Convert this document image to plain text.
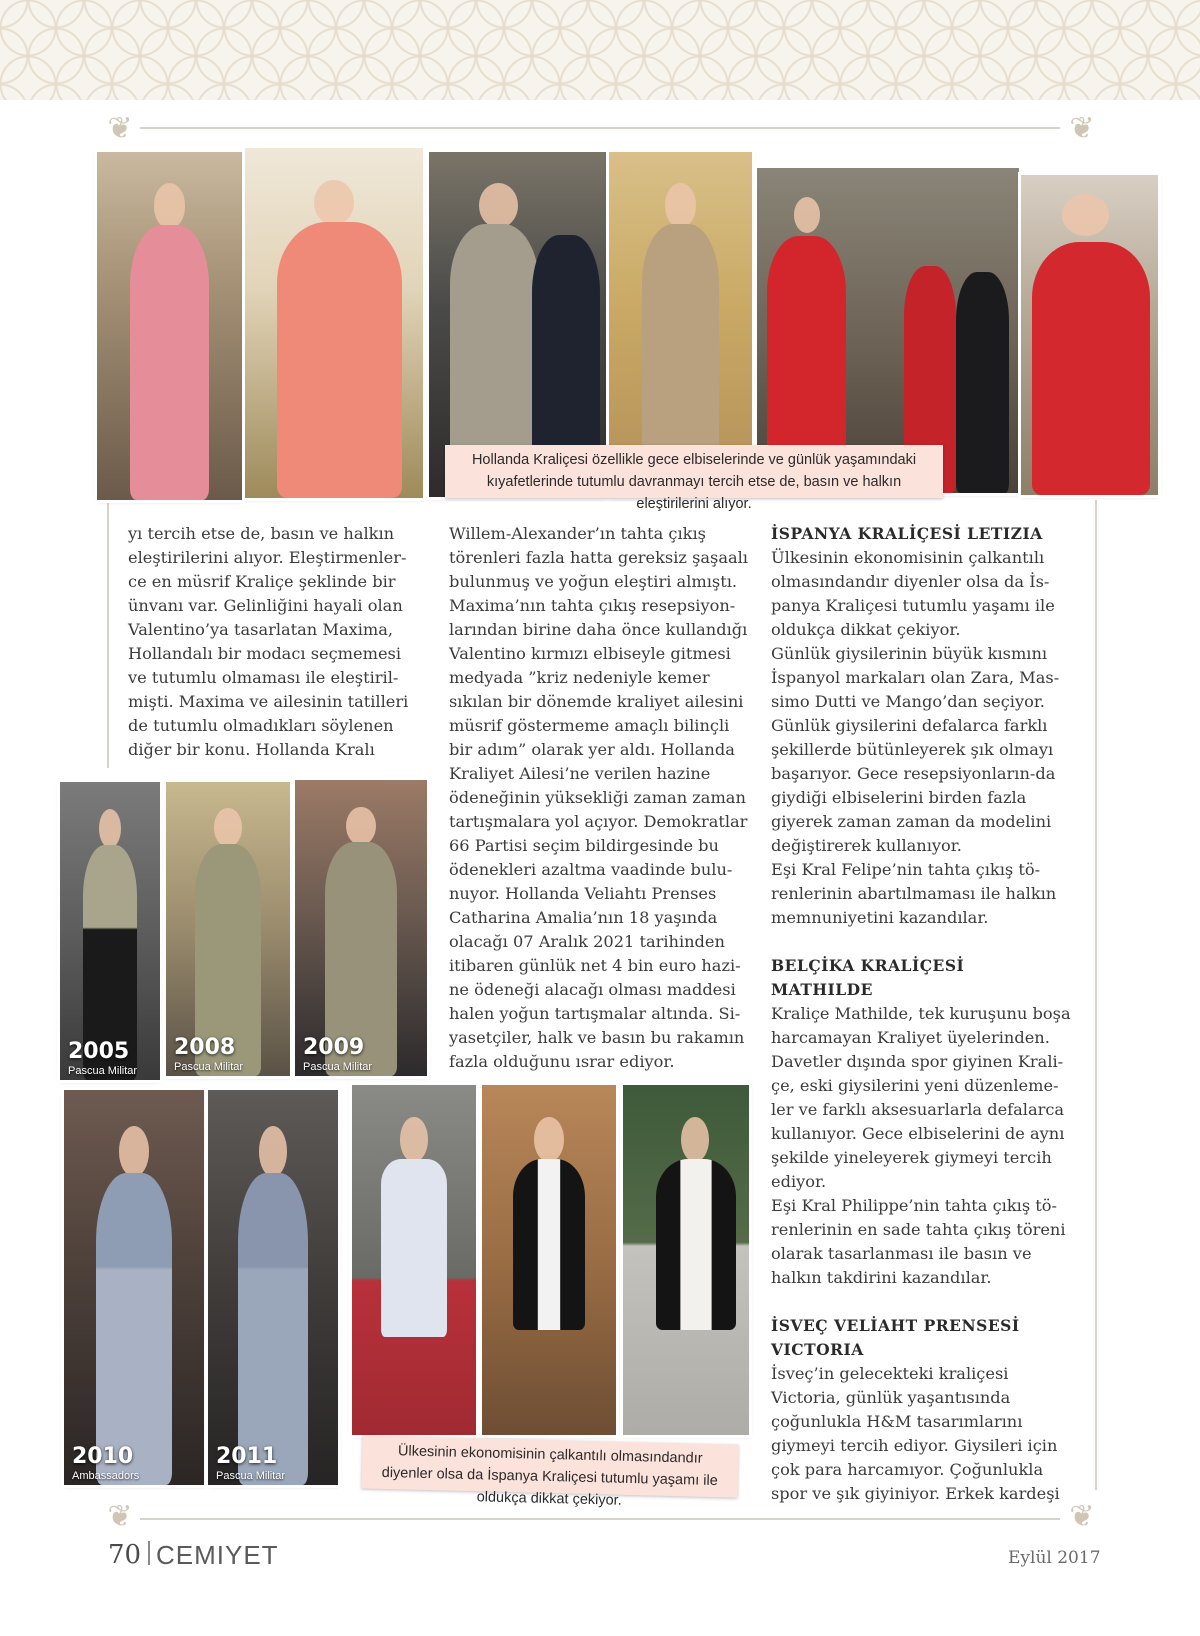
❦	❦
❦	❦
Hollanda Kraliçesi özellikle gece elbiselerinde ve günlük yaşamındaki kıyafetlerinde tutumlu davranmayı tercih etse de, basın ve halkın eleştirilerini alıyor.
2005
Pascua Militar
2008
Pascua Militar
2009
Pascua Militar
2010
Ambassadors
2011
Pascua Militar
Ülkesinin ekonomisinin çalkantılı olmasındandır diyenler olsa da İspanya Kraliçesi tutumlu yaşamı ile oldukça dikkat çekiyor.

yı tercih etse de, basın ve halkın eleştirilerini alıyor. Eleştirmenler-ce en müsrif Kraliçe şeklinde bir ünvanı var. Gelinliğini hayali olan Valentino’ya tasarlatan Maxima, Hollandalı bir modacı seçmemesi ve tutumlu olmaması ile eleştiril-mişti. Maxima ve ailesinin tatilleri de tutumlu olmadıkları söylenen diğer bir konu. Hollanda Kralı

Willem-Alexander’ın tahta çıkış törenleri fazla hatta gereksiz şaşaalı bulunmuş ve yoğun eleştiri almıştı. Maxima’nın tahta çıkış resepsiyon-larından birine daha önce kullandığı Valentino kırmızı elbiseyle gitmesi medyada ”kriz nedeniyle kemer sıkılan bir dönemde kraliyet ailesini müsrif göstermeme amaçlı bilinçli bir adım” olarak yer aldı. Hollanda Kraliyet Ailesi’ne verilen hazine ödeneğinin yüksekliği zaman zaman tartışmalara yol açıyor. Demokratlar 66 Partisi seçim bildirgesinde bu ödenekleri azaltma vaadinde bulu-nuyor. Hollanda Veliahtı Prenses Catharina Amalia’nın 18 yaşında olacağı 07 Aralık 2021 tarihinden itibaren günlük net 4 bin euro hazi-ne ödeneği alacağı olması maddesi halen yoğun tartışmalar altında. Si-yasetçiler, halk ve basın bu rakamın fazla olduğunu ısrar ediyor.

İSPANYA KRALİÇESİ LETIZIA

Ülkesinin ekonomisinin çalkantılı olmasındandır diyenler olsa da İs-panya Kraliçesi tutumlu yaşamı ile oldukça dikkat çekiyor.

Günlük giysilerinin büyük kısmını İspanyol markaları olan Zara, Mas-simo Dutti ve Mango’dan seçiyor. Günlük giysilerini defalarca farklı şekillerde bütünleyerek şık olmayı başarıyor. Gece resepsiyonların-da giydiği elbiselerini birden fazla giyerek zaman zaman da modelini değiştirerek kullanıyor.

Eşi Kral Felipe’nin tahta çıkış tö-renlerinin abartılmaması ile halkın memnuniyetini kazandılar.

BELÇİKA KRALİÇESİ MATHILDE

Kraliçe Mathilde, tek kuruşunu boşa harcamayan Kraliyet üyelerinden. Davetler dışında spor giyinen Krali-çe, eski giysilerini yeni düzenleme-ler ve farklı aksesuarlarla defalarca kullanıyor. Gece elbiselerini de aynı şekilde yineleyerek giymeyi tercih ediyor.

Eşi Kral Philippe’nin tahta çıkış tö-renlerinin en sade tahta çıkış töreni olarak tasarlanması ile basın ve halkın takdirini kazandılar.

İSVEÇ VELİAHT PRENSESİ VICTORIA

İsveç’in gelecekteki kraliçesi Victoria, günlük yaşantısında çoğunlukla H&M tasarımlarını giymeyi tercih ediyor. Giysileri için çok para harcamıyor. Çoğunlukla spor ve şık giyiniyor. Erkek kardeşi

70 CEMIYET	Eylül 2017
